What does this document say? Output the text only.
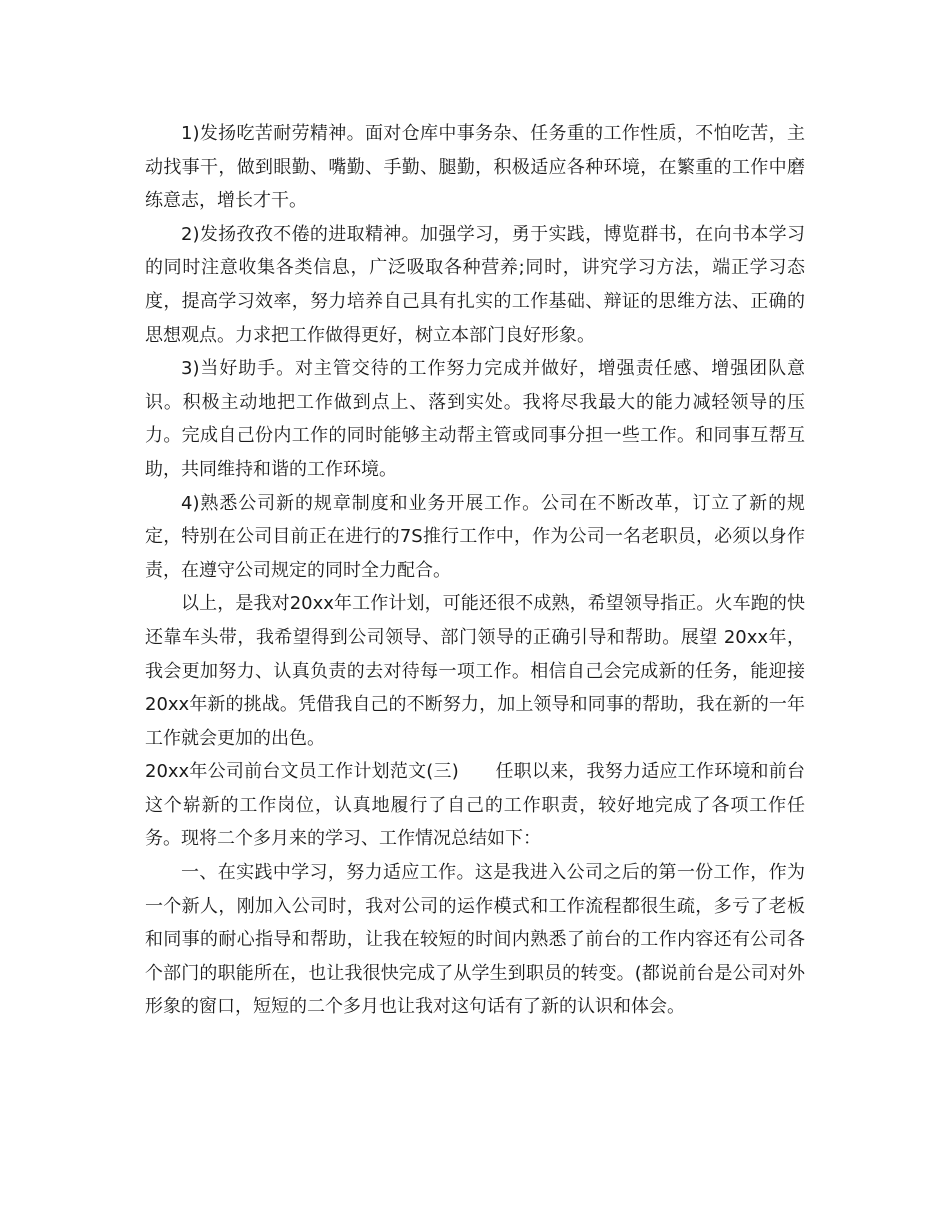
1)发扬吃苦耐劳精神。面对仓库中事务杂、任务重的工作性质，不怕吃苦，主动找事干，做到眼勤、嘴勤、手勤、腿勤，积极适应各种环境，在繁重的工作中磨练意志，增长才干。

2)发扬孜孜不倦的进取精神。加强学习，勇于实践，博览群书，在向书本学习的同时注意收集各类信息，广泛吸取各种营养;同时，讲究学习方法，端正学习态度，提高学习效率，努力培养自己具有扎实的工作基础、辩证的思维方法、正确的思想观点。力求把工作做得更好，树立本部门良好形象。

3)当好助手。对主管交待的工作努力完成并做好，增强责任感、增强团队意识。积极主动地把工作做到点上、落到实处。我将尽我最大的能力减轻领导的压力。完成自己份内工作的同时能够主动帮主管或同事分担一些工作。和同事互帮互助，共同维持和谐的工作环境。

4)熟悉公司新的规章制度和业务开展工作。公司在不断改革，订立了新的规定，特别在公司目前正在进行的7S推行工作中，作为公司一名老职员，必须以身作责，在遵守公司规定的同时全力配合。

以上，是我对20xx年工作计划，可能还很不成熟，希望领导指正。火车跑的快还靠车头带，我希望得到公司领导、部门领导的正确引导和帮助。展望 20xx年，我会更加努力、认真负责的去对待每一项工作。相信自己会完成新的任务，能迎接20xx年新的挑战。凭借我自己的不断努力，加上领导和同事的帮助，我在新的一年工作就会更加的出色。

20xx年公司前台文员工作计划范文(三)　　任职以来，我努力适应工作环境和前台这个崭新的工作岗位，认真地履行了自己的工作职责，较好地完成了各项工作任务。现将二个多月来的学习、工作情况总结如下：

一、在实践中学习，努力适应工作。这是我进入公司之后的第一份工作，作为一个新人，刚加入公司时，我对公司的运作模式和工作流程都很生疏，多亏了老板和同事的耐心指导和帮助，让我在较短的时间内熟悉了前台的工作内容还有公司各个部门的职能所在，也让我很快完成了从学生到职员的转变。(都说前台是公司对外形象的窗口，短短的二个多月也让我对这句话有了新的认识和体会。
